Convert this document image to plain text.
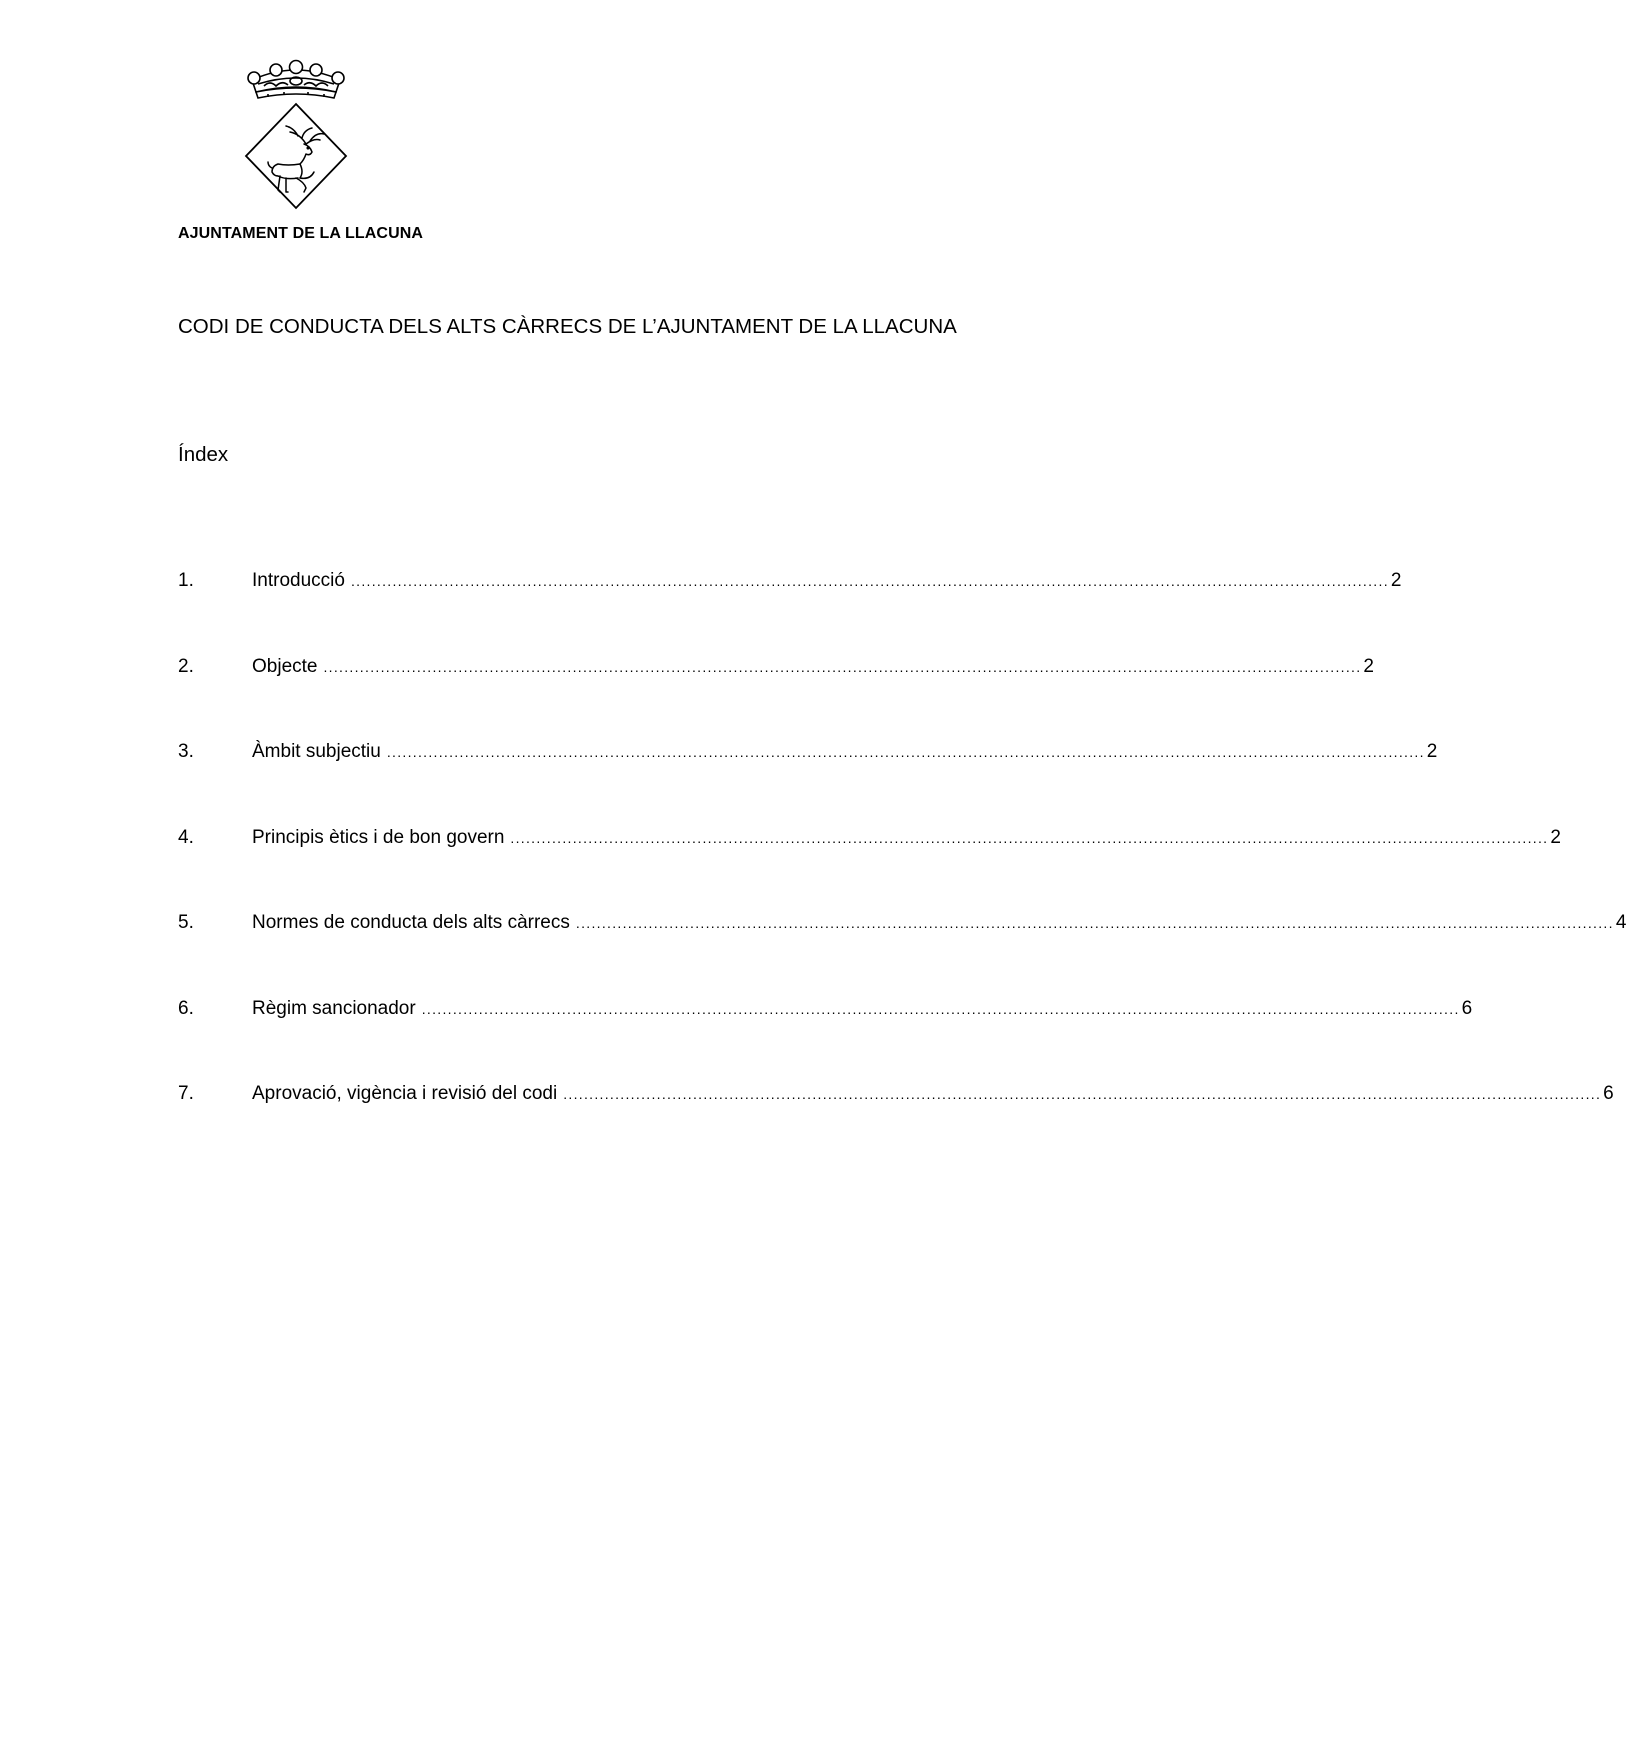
AJUNTAMENT DE LA LLACUNA
CODI DE CONDUCTA DELS ALTS CÀRRECS DE L’AJUNTAMENT DE LA LLACUNA
Índex
1.	Introducció ........................................................................................................................................................................................................ 2
2.	Objecte ........................................................................................................................................................................................................ 2
3.	Àmbit subjectiu ........................................................................................................................................................................................................ 2
4.	Principis ètics i de bon govern ........................................................................................................................................................................................................ 2
5.	Normes de conducta dels alts càrrecs ........................................................................................................................................................................................................ 4
6.	Règim sancionador ........................................................................................................................................................................................................ 6
7.	Aprovació, vigència i revisió del codi ........................................................................................................................................................................................................ 6
